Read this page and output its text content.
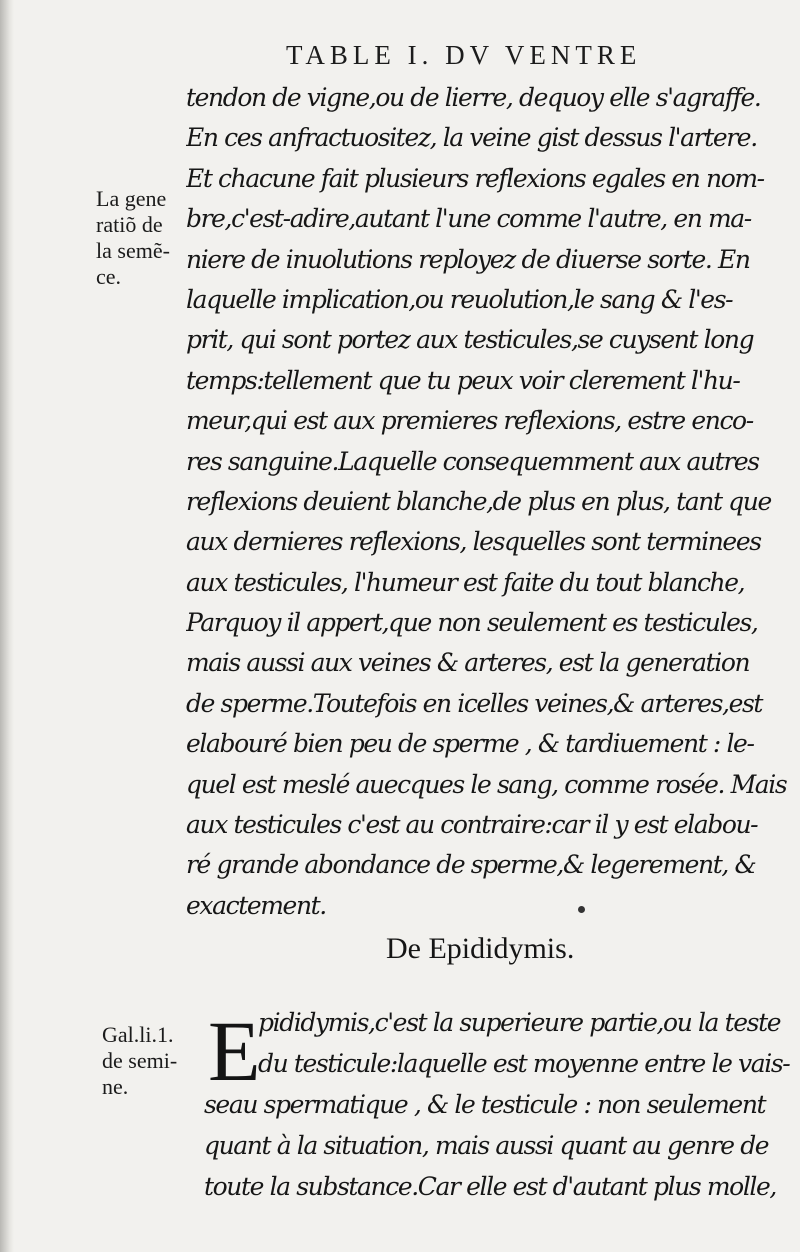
TABLE I. DV VENTRE
La gene
ratiõ de
la semẽ-
ce.
tendon de vigne,ou de lierre, dequoy elle s'agraffe.
En ces anfractuositez, la veine gist dessus l'artere.
Et chacune fait plusieurs reflexions egales en nom-
bre,c'est-adire,autant l'une comme l'autre, en ma-
niere de inuolutions reployez de diuerse sorte. En
laquelle implication,ou reuolution,le sang & l'es-
prit, qui sont portez aux testicules,se cuysent long
temps:tellement que tu peux voir clerement l'hu-
meur,qui est aux premieres reflexions, estre enco-
res sanguine.Laquelle consequemment aux autres
reflexions deuient blanche,de plus en plus, tant que
aux dernieres reflexions, lesquelles sont terminees
aux testicules, l'humeur est faite du tout blanche,
Parquoy il appert,que non seulement es testicules,
mais aussi aux veines & arteres, est la generation
de sperme.Toutefois en icelles veines,& arteres,est
elabouré bien peu de sperme , & tardiuement : le-
quel est meslé auecques le sang, comme rosée. Mais
aux testicules c'est au contraire:car il y est elabou-
ré grande abondance de sperme,& legerement, &
exactement.
De Epididymis.
Gal.li.1.
de semi-
ne. E
pididymis,c'est la superieure partie,ou la teste
du testicule:laquelle est moyenne entre le vais-
seau spermatique , & le testicule : non seulement
quant à la situation, mais aussi quant au genre de
toute la substance.Car elle est d'autant plus molle,
